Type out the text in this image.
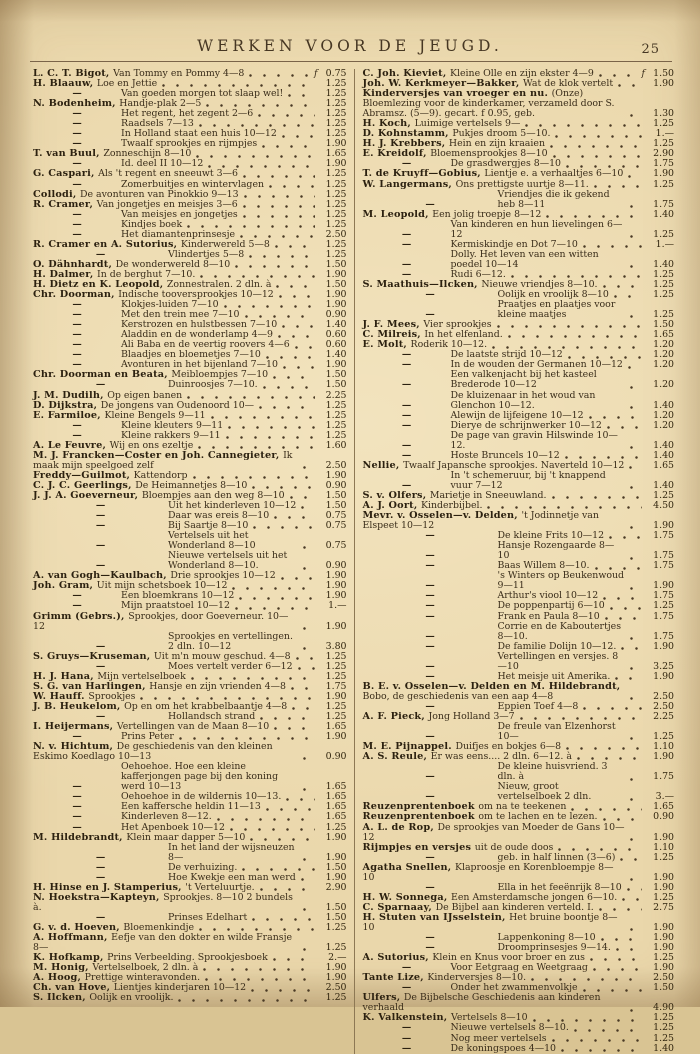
WERKEN VOOR DE JEUGD.	25
L. C. T. Bigot, Van Tommy en Pommy 4—8	f 0.75
H. Blaauw, Loe en Jettie	1.25
—	Van goeden morgen tot slaap wel!	1.25
N. Bodenheim, Handje-plak 2—5	1.25
—	Het regent, het zegent 2—6	1.25
—	Raadsels 7—13	1.25
—	In Holland staat een huis 10—12	1.25
—	Twaalf sprookjes en rijmpjes	1.90
T. van Buul, Zonneschijn 8—10	1.65
—	Id. deel II 10—12	1.90
G. Caspari, Als 't regent en sneeuwt 3—6	1.25
—	Zomerbuitjes en wintervlagen	1.25
Collodi, De avonturen van Pinokkio 9—13	1.25
R. Cramer, Van jongetjes en meisjes 3—6	1.25
—	Van meisjes en jongetjes	1.25
—	Kindjes boek	1.25
—	Het diamantenprinsesje	2.50
R. Cramer en A. Sutorius, Kinderwereld 5—8	1.25
—	Vlindertjes 5—8	1.25
O. Dähnhardt, De wonderwereld 8—10	1.50
H. Dalmer, In de berghut 7—10.	1.90
H. Dietz en K. Leopold, Zonnestralen. 2 dln. à	1.50
Chr. Doorman, Indische tooversprookjes 10—12	1.90
—	Klokjes-luiden 7—10	1.90
—	Met den trein mee 7—10	0.90
—	Kerstrozen en hulstbessen 7—10	1.40
—	Aladdin en de wonderlamp 4—9	0.60
—	Ali Baba en de veertig roovers 4—6	0.60
—	Blaadjes en bloemetjes 7—10	1.40
—	Avonturen in het bijenland 7—10	1.90
Chr. Doorman en Beata, Meibloempjes 7—10	1.50
—	Duinroosjes 7—10.	1.50
J. M. Dudilh, Op eigen banen	2.25
D. Dijkstra, De jongens van Oudenoord 10—	1.25
E. Farmiloe, Kleine Bengels 9—11	1.25
—	Kleine kleuters 9—11	1.25
—	Kleine rakkers 9—11	1.25
A. Le Feuvre, Wij en ons ezeltje	1.60
M. J. Francken—Coster en Joh. Cannegieter, Ik maak mijn speelgoed zelf	2.50
Freddy—Guilmot, Kattendorp	1.90
C. J. C. Geerlings, De Heimannetjes 8—10	0.90
J. J. A. Goeverneur, Bloempjes aan den weg 8—10	1.50
—	Uit het kinderleven 10—12	1.50
—	Daar was ereis 8—10	0.75
—	Bij Saartje 8—10	0.75
—
Vertelsels uit het Wonderland 8—10	0.75
—
Nieuwe vertelsels uit het Wonderland 8—10.	0.90
A. van Gogh—Kaulbach, Drie sprookjes 10—12	1.90
Joh. Gram, Uit mijn schetsboek 10—12	1.90
—	Een bloemkrans 10—12	1.90
—	Mijn praatstoel 10—12	1.—
Grimm (Gebrs.), Sprookjes, door Goeverneur. 10—12	1.90
—
Sprookjes en vertellingen. 2 dln. 10—12	3.80
S. Gruys—Kruseman, Uit m'n mouw geschud. 4—8	1.25
—	Moes vertelt verder 6—12	1.25
H. J. Hana, Mijn vertelselboek	1.25
S. G. van Harlingen, Hansje en zijn vrienden 4—8	1.75
W. Hauff. Sprookjes	1.90
J. B. Heukelom, Op en om het krabbelbaantje 4—8	1.25
—	Hollandsch strand	1.25
I. Heijermans, Vertellingen van de Maan 8—10	1.65
—	Prins Peter	1.90
N. v. Hichtum, De geschiedenis van den kleinen Eskimo Koedlago 10—13	0.90
—
Oehoehoe. Hoe een kleine kafferjongen page bij den koning werd 10—13	1.65
—	Oehoehoe in de wildernis 10—13.	1.65
—	Een kaffersche heldin 11—13	1.65
—	Kinderleven 8—12.	1.65
—	Het Apenboek 10—12	1.25
M. Hildebrandt, Klein maar dapper 5—10	1.90
—
In het land der wijsneuzen 8—	1.90
—	De verhuizing.	1.50
—	Hoe Kwekje een man werd	1.90
H. Hinse en J. Stamperius, 't Verteluurtje.	2.90
N. Hoekstra—Kapteyn, Sprookjes. 8—10 2 bundels à.	1.50
—	Prinses Edelhart	1.50
G. v. d. Hoeven, Bloemenkindje	1.25
A. Hoffmann, Eefje van den dokter en wilde Fransje 8—	1.25
K. Hofkamp, Prins Verbeelding. Sprookjesboek	2.—
M. Honig, Vertelselboek, 2 dln. à	1.90
A. Hoog, Prettige winteravonden.	1.90
Ch. van Hove, Lientjes kinderjaren 10—12	2.50
S. Ilcken, Oolijk en vroolijk.	1.25
C. Joh. Kieviet, Kleine Olle en zijn ekster 4—9	f 1.50
Joh. W. Kerkmeyer—Bakker, Wat de klok vertelt	1.90
Kinderversjes van vroeger en nu. (Onze) Bloemlezing voor de kinderkamer, verzameld door S. Abramsz. (5—9). gecart. f 0.95, geb.	1.30
H. Koch, Luimige vertelsels 9—	1.25
D. Kohnstamm, Pukjes droom 5—10.	1.—
H. J. Krebbers, Hein en zijn kraaien	1.25
E. Kreidolf, Bloemensprookjes 8—10	2.90
—	De grasdwergjes 8—10	1.75
T. de Kruyff—Gobius, Lientje e. a verhaaltjes 6—10	1.90
W. Langermans, Ons prettigste uurtje 8—11.	1.25
—
Vriendjes die ik gekend heb 8—11	1.75
M. Leopold, Een jolig troepje 8—12	1.40
—
Van kinderen en hun lievelingen 6—12	1.25
—	Kermiskindje en Dot 7—10	1.—
—
Dolly. Het leven van een witten poedel 10—14	1.40
—	Rudi 6—12.	1.25
S. Maathuis—Ilcken, Nieuwe vriendjes 8—10.	1.25
—	Oolijk en vroolijk 8—10	1.25
—
Praatjes en plaatjes voor kleine maatjes	1.25
J. F. Mees, Vier sprookjes	1.50
C. Milreis, In het elfenland.	1.65
E. Molt, Roderik 10—12.	1.20
—	De laatste strijd 10—12	1.20
—	In de wouden der Germanen 10—12	1.20
—
Een valkenjacht bij het kasteel Brederode 10—12	1.20
—
De kluizenaar in het woud van Glenchon 10—12.	1.40
—	Alewijn de lijfeigene 10—12	1.20
—	Dierye de schrijnwerker 10—12	1.20
—
De page van gravin Hilswinde 10—12.	1.40
—	Hoste Bruncels 10—12	1.40
Nellie, Twaalf Japansche sprookjes. Naverteld 10—12	1.65
—
In 't schemeruur, bij 't knappend vuur 7—12	1.40
S. v. Olfers, Marietje in Sneeuwland.	1.25
A. J. Oort, Kinderbijbel.	4.50
Mevr. v. Osselen—v. Delden, 't Jodinnetje van Elspeet 10—12	1.90
—	De kleine Frits 10—12	1.75
—
Hansje Rozengaarde 8—10	1.75
—	Baas Willem 8—10.	1.75
—
's Winters op Beukenwoud 9—11	1.90
—	Arthur's viool 10—12	1.75
—	De poppenpartij 6—10	1.25
—	Frank en Paula 8—10	1.75
—
Corrie en de Kaboutertjes 8—10.	1.75
—	De familie Dolijn 10—12.	1.90
—
Vertellingen en versjes. 8—10	3.25
—	Het meisje uit Amerika.	1.90
B. E. v. Osselen—v. Delden en M. Hildebrandt, Bobo, de geschiedenis van een aap 4—8	2.50
—	Eppien Toef 4—8	2.50
A. F. Pieck, Jong Holland 3—7	2.25
—
De freule van Elzenhorst 10—	1.25
M. E. Pijnappel. Duifjes en bokjes 6—8	1.10
A. S. Reule, Er was eens.... 2 dln. 6—12. à	1.90
—
De kleine huisvriend. 3 dln. à	1.75
—
Nieuw, groot vertelselboek 2 dln.	3.—
Reuzenprentenboek om na te teekenen	1.65
Reuzenprentenboek om te lachen en te lezen.	0.90
A. L. de Rop, De sprookjes van Moeder de Gans 10—12	1.90
Rijmpjes en versjes uit de oude doos	1.10
—	geb. in half linnen (3—6)	1.25
Agatha Snellen, Klaproosje en Korenbloempje 8—10	1.90
—	Ella in het feeënrijk 8—10	1.90
H. W. Sonnega, Een Amsterdamsche jongen 6—10.	1.25
C. Sparnaay, De Bijbel aan kinderen verteld. I.	2.75
H. Stuten van IJsselstein, Het bruine boontje 8—10	1.90
—	Lappenkoning 8—10	1.90
—	Droomprinsesjes 9—14.	1.90
A. Sutorius, Klein en Knus voor broer en zus	1.25
—	Voor Eetgraag en Weetgraag	1.90
Tante Lize, Kinderversjes 8—10.	2.50
—	Onder het zwammenvolkje	1.50
Ulfers, De Bijbelsche Geschiedenis aan kinderen verhaald	4.90
K. Valkenstein, Vertelsels 8—10	1.25
—	Nieuwe vertelsels 8—10.	1.25
—	Nog meer vertelsels	1.25
—	De koningspoes 4—10	1.40
